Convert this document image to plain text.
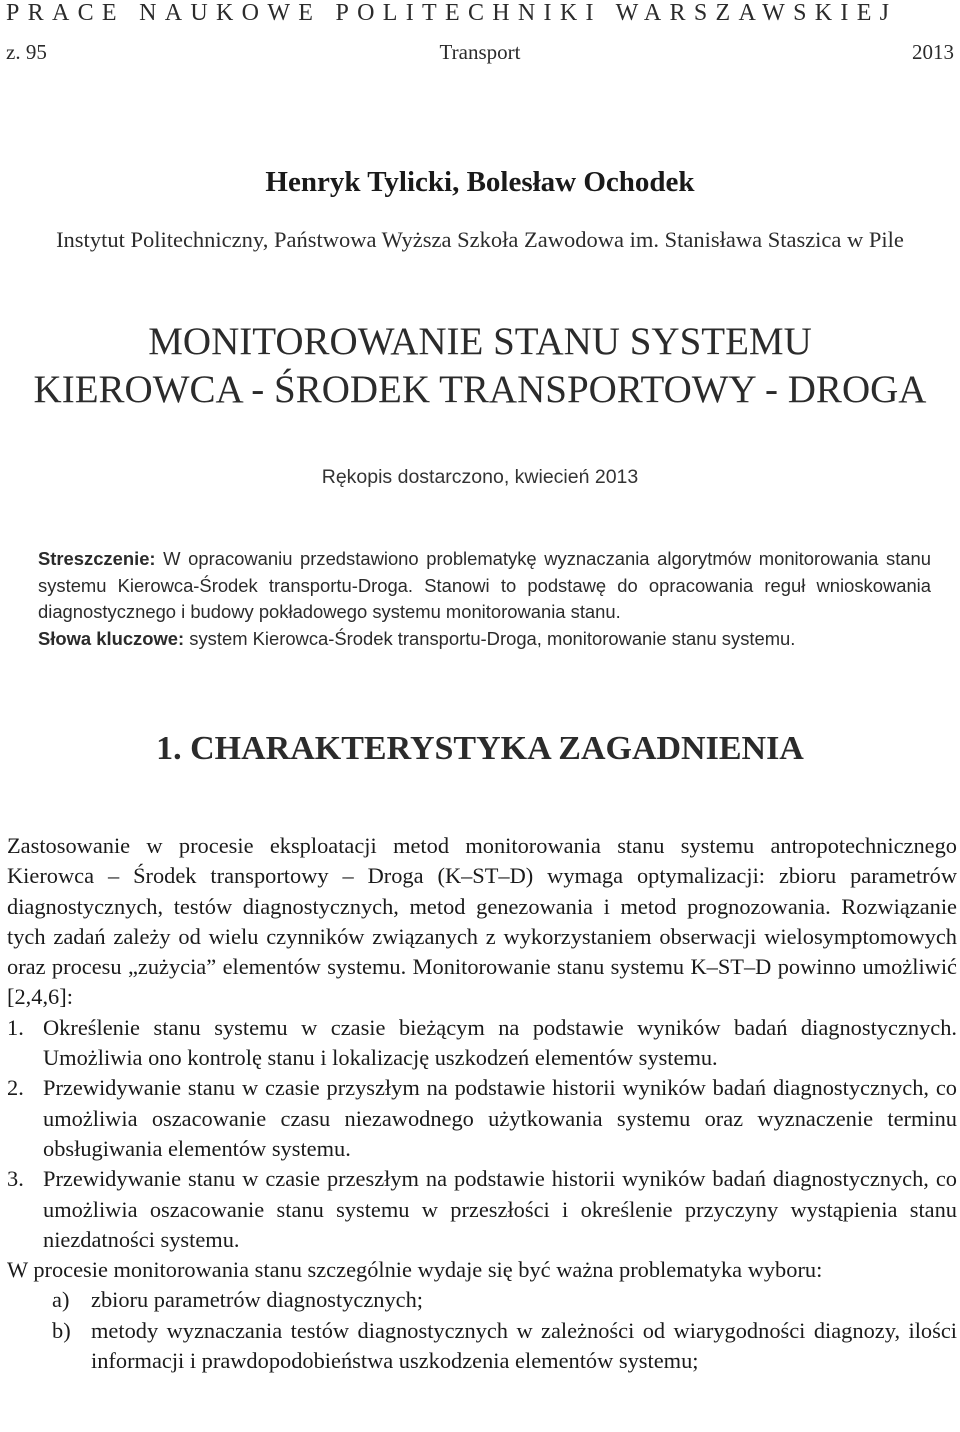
PRACE NAUKOWE POLITECHNIKI WARSZAWSKIEJ
Transport
z. 95	2013
Henryk Tylicki, Bolesław Ochodek
Instytut Politechniczny, Państwowa Wyższa Szkoła Zawodowa im. Stanisława Staszica w Pile
MONITOROWANIE STANU SYSTEMU
KIEROWCA - ŚRODEK TRANSPORTOWY - DROGA
Rękopis dostarczono, kwiecień 2013

Streszczenie: W opracowaniu przedstawiono problematykę wyznaczania algorytmów monitorowania stanu systemu Kierowca-Środek transportu-Droga. Stanowi to podstawę do opracowania reguł wnioskowania diagnostycznego i budowy pokładowego systemu monitorowania stanu.

Słowa kluczowe: system Kierowca-Środek transportu-Droga, monitorowanie stanu systemu.

1. CHARAKTERYSTYKA ZAGADNIENIA

Zastosowanie w procesie eksploatacji metod monitorowania stanu systemu antropotechnicznego Kierowca – Środek transportowy – Droga (K–ST–D) wymaga optymalizacji: zbioru parametrów diagnostycznych, testów diagnostycznych, metod genezowania i metod prognozowania. Rozwiązanie tych zadań zależy od wielu czynników związanych z wykorzystaniem obserwacji wielosymptomowych oraz procesu „zużycia” elementów systemu. Monitorowanie stanu systemu K–ST–D powinno umożliwić [2,4,6]:

1. Określenie stanu systemu w czasie bieżącym na podstawie wyników badań diagnostycznych. Umożliwia ono kontrolę stanu i lokalizację uszkodzeń elementów systemu.
2. Przewidywanie stanu w czasie przyszłym na podstawie historii wyników badań diagnostycznych, co umożliwia oszacowanie czasu niezawodnego użytkowania systemu oraz wyznaczenie terminu obsługiwania elementów systemu.
3. Przewidywanie stanu w czasie przeszłym na podstawie historii wyników badań diagnostycznych, co umożliwia oszacowanie stanu systemu w przeszłości i określenie przyczyny wystąpienia stanu niezdatności systemu.

W procesie monitorowania stanu szczególnie wydaje się być ważna problematyka wyboru:

a) zbioru parametrów diagnostycznych;
b) metody wyznaczania testów diagnostycznych w zależności od wiarygodności diagnozy, ilości informacji i prawdopodobieństwa uszkodzenia elementów systemu;
